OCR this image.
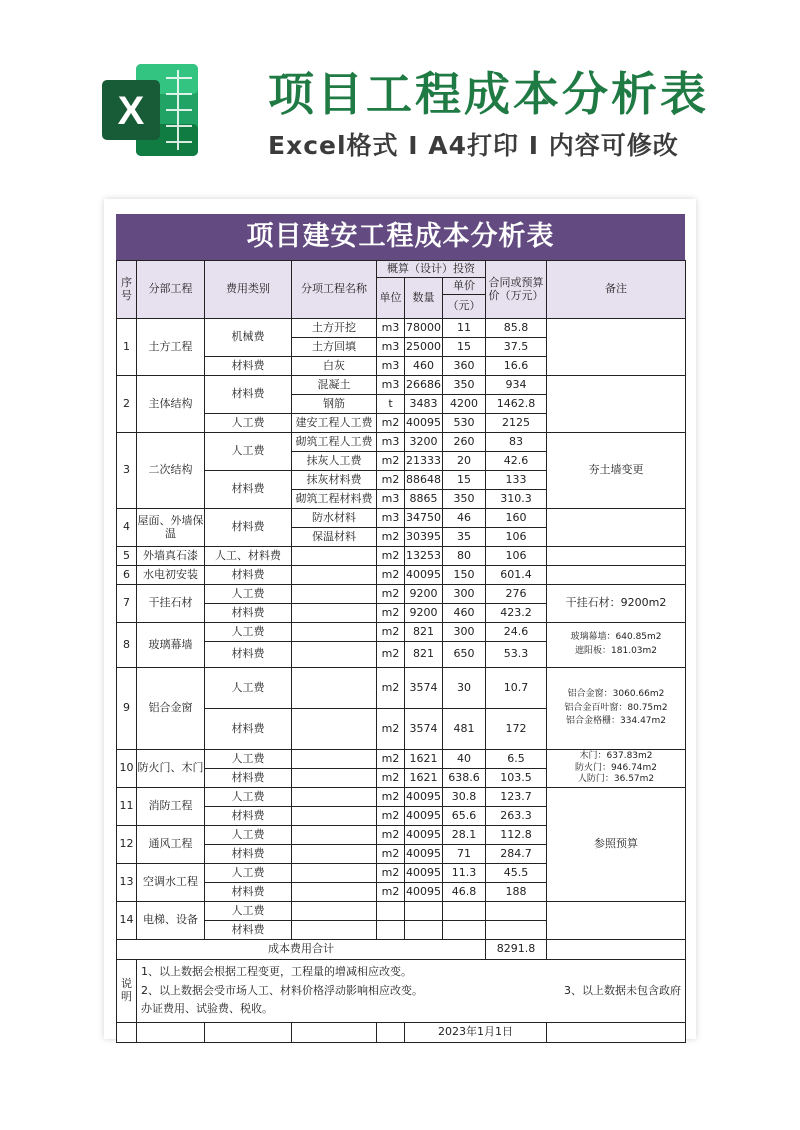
X	项目工程成本分析表
Excel格式 I A4打印 I 内容可修改
项目建安工程成本分析表
序号	分部工程	费用类别	分项工程名称	概算（设计）投资			合同或预算价（万元）	备注
				单位	数量	单价		
						（元）		
1	土方工程	机械费	土方开挖	m3	78000	11	85.8	
			土方回填	m3	25000	15	37.5	
		材料费	白灰	m3	460	360	16.6	
2	主体结构	材料费	混凝土	m3	26686	350	934	
			钢筋	t	3483	4200	1462.8	
		人工费	建安工程人工费	m2	40095	530	2125	
3	二次结构	人工费	砌筑工程人工费	m3	3200	260	83	夯土墙变更
			抹灰人工费	m2	21333	20	42.6	
		材料费	抹灰材料费	m2	88648	15	133	
			砌筑工程材料费	m3	8865	350	310.3	
4	屋面、外墙保温	材料费	防水材料	m3	34750	46	160	
			保温材料	m2	30395	35	106	
5	外墙真石漆	人工、材料费		m2	13253	80	106	
6	水电初安装	材料费		m2	40095	150	601.4	
7	干挂石材	人工费		m2	9200	300	276	干挂石材：9200m2
		材料费		m2	9200	460	423.2	
8	玻璃幕墙	人工费		m2	821	300	24.6	玻璃幕墙：640.85m2
遮阳板：181.03m2

		材料费		m2	821	650	53.3	
9	铝合金窗	人工费		m2	3574	30	10.7	铝合金窗：3060.66m2
铝合金百叶窗：80.75m2
铝合金格栅：334.47m2

		材料费		m2	3574	481	172	
10	防火门、木门	人工费		m2	1621	40	6.5	木门：637.83m2
防火门：946.74m2
人防门：36.57m2

		材料费		m2	1621	638.6	103.5	
11	消防工程	人工费		m2	40095	30.8	123.7	参照预算
		材料费		m2	40095	65.6	263.3	
12	通风工程	人工费		m2	40095	28.1	112.8	
		材料费		m2	40095	71	284.7	
13	空调水工程	人工费		m2	40095	11.3	45.5	
		材料费		m2	40095	46.8	188	
14	电梯、设备	人工费						
		材料费						
成本费用合计							8291.8	
说明	1、以上数据会根据工程变更，工程量的增减相应改变。
2、以上数据会受市场人工、材料价格浮动影响相应改变。 3、以上数据未包含政府
办证费用、试验费、税收。							

					2023年1月1日			
